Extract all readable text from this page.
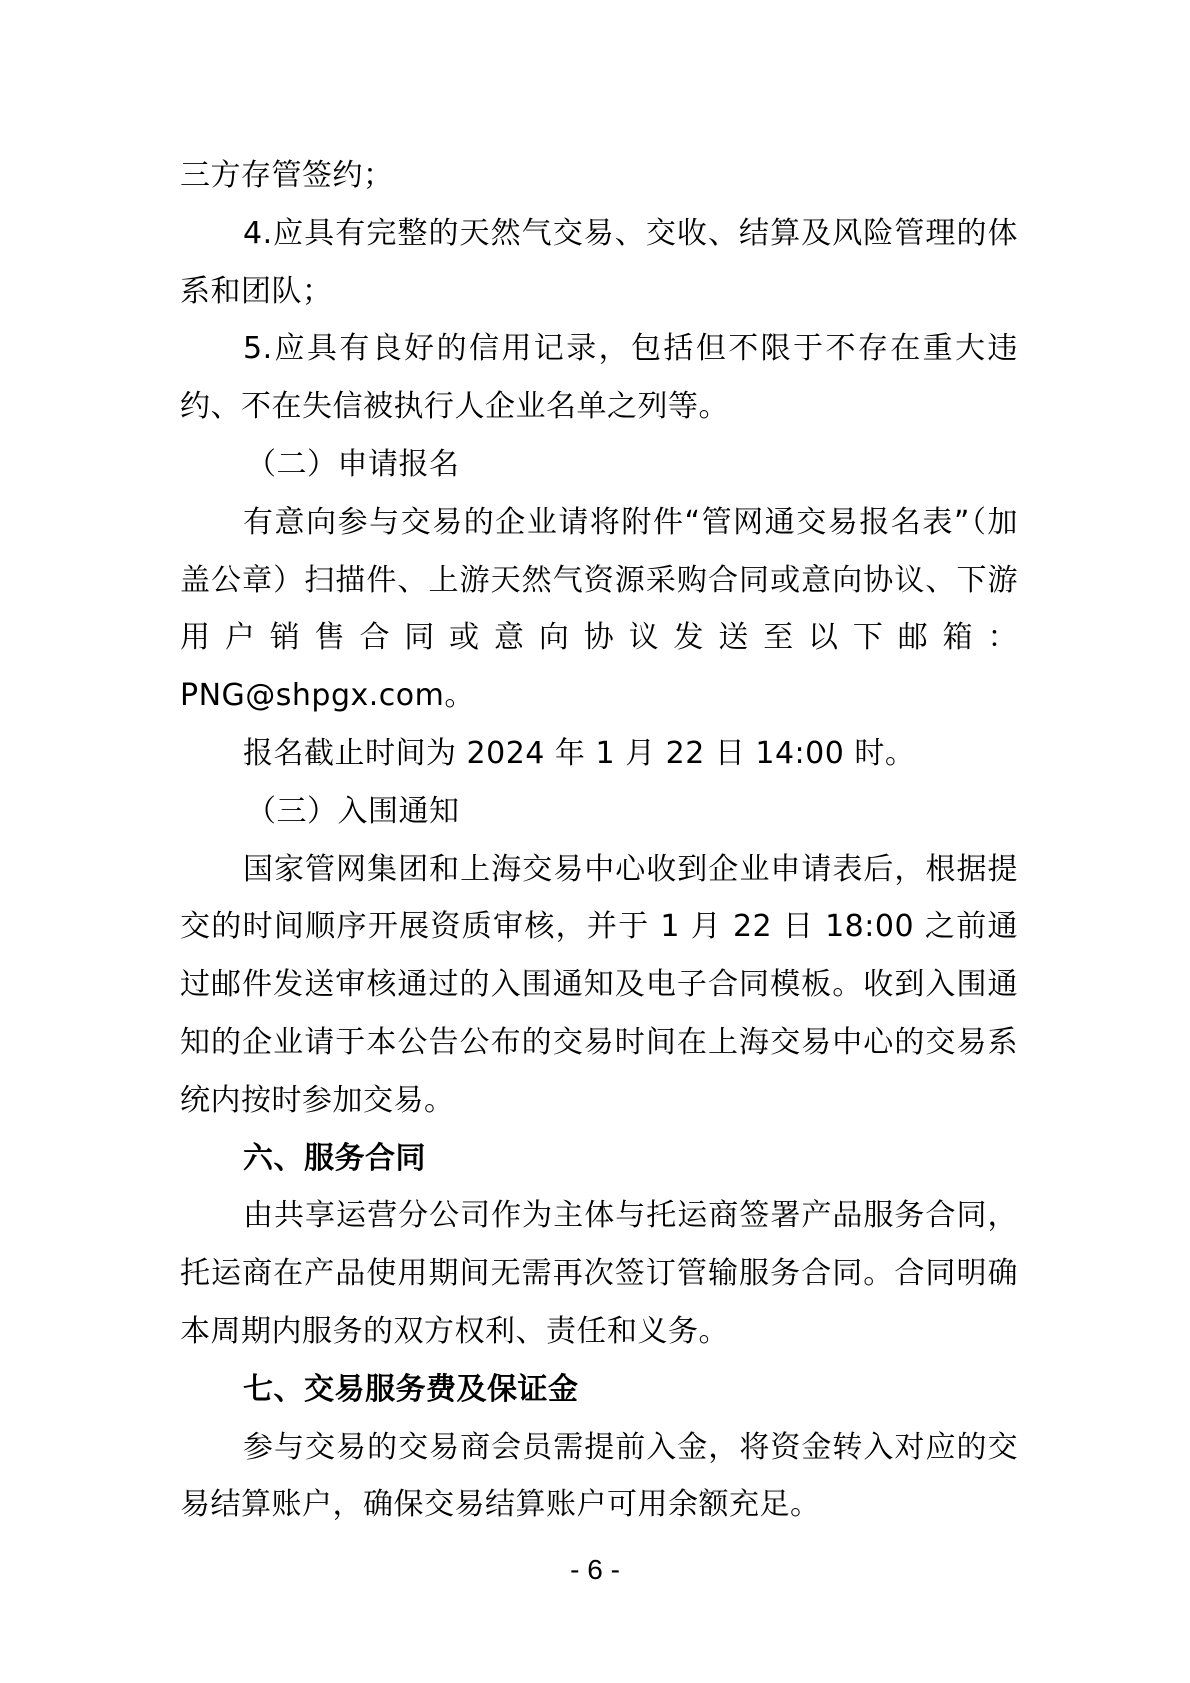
三方存管签约；

4.应具有完整的天然气交易、交收、结算及风险管理的体系和团队；

5.应具有良好的信用记录，包括但不限于不存在重大违约、不在失信被执行人企业名单之列等。

（二）申请报名

有意向参与交易的企业请将附件“管网通交易报名表”（加盖公章）扫描件、上游天然气资源采购合同或意向协议、下游用户销售合同或意向协议发送至以下邮箱：

PNG@shpgx.com。

报名截止时间为 2024 年 1 月 22 日 14:00 时。

（三）入围通知

国家管网集团和上海交易中心收到企业申请表后，根据提交的时间顺序开展资质审核，并于 1 月 22 日 18:00 之前通过邮件发送审核通过的入围通知及电子合同模板。收到入围通知的企业请于本公告公布的交易时间在上海交易中心的交易系统内按时参加交易。

六、服务合同

由共享运营分公司作为主体与托运商签署产品服务合同，托运商在产品使用期间无需再次签订管输服务合同。合同明确本周期内服务的双方权利、责任和义务。

七、交易服务费及保证金

参与交易的交易商会员需提前入金，将资金转入对应的交易结算账户，确保交易结算账户可用余额充足。

- 6 -
